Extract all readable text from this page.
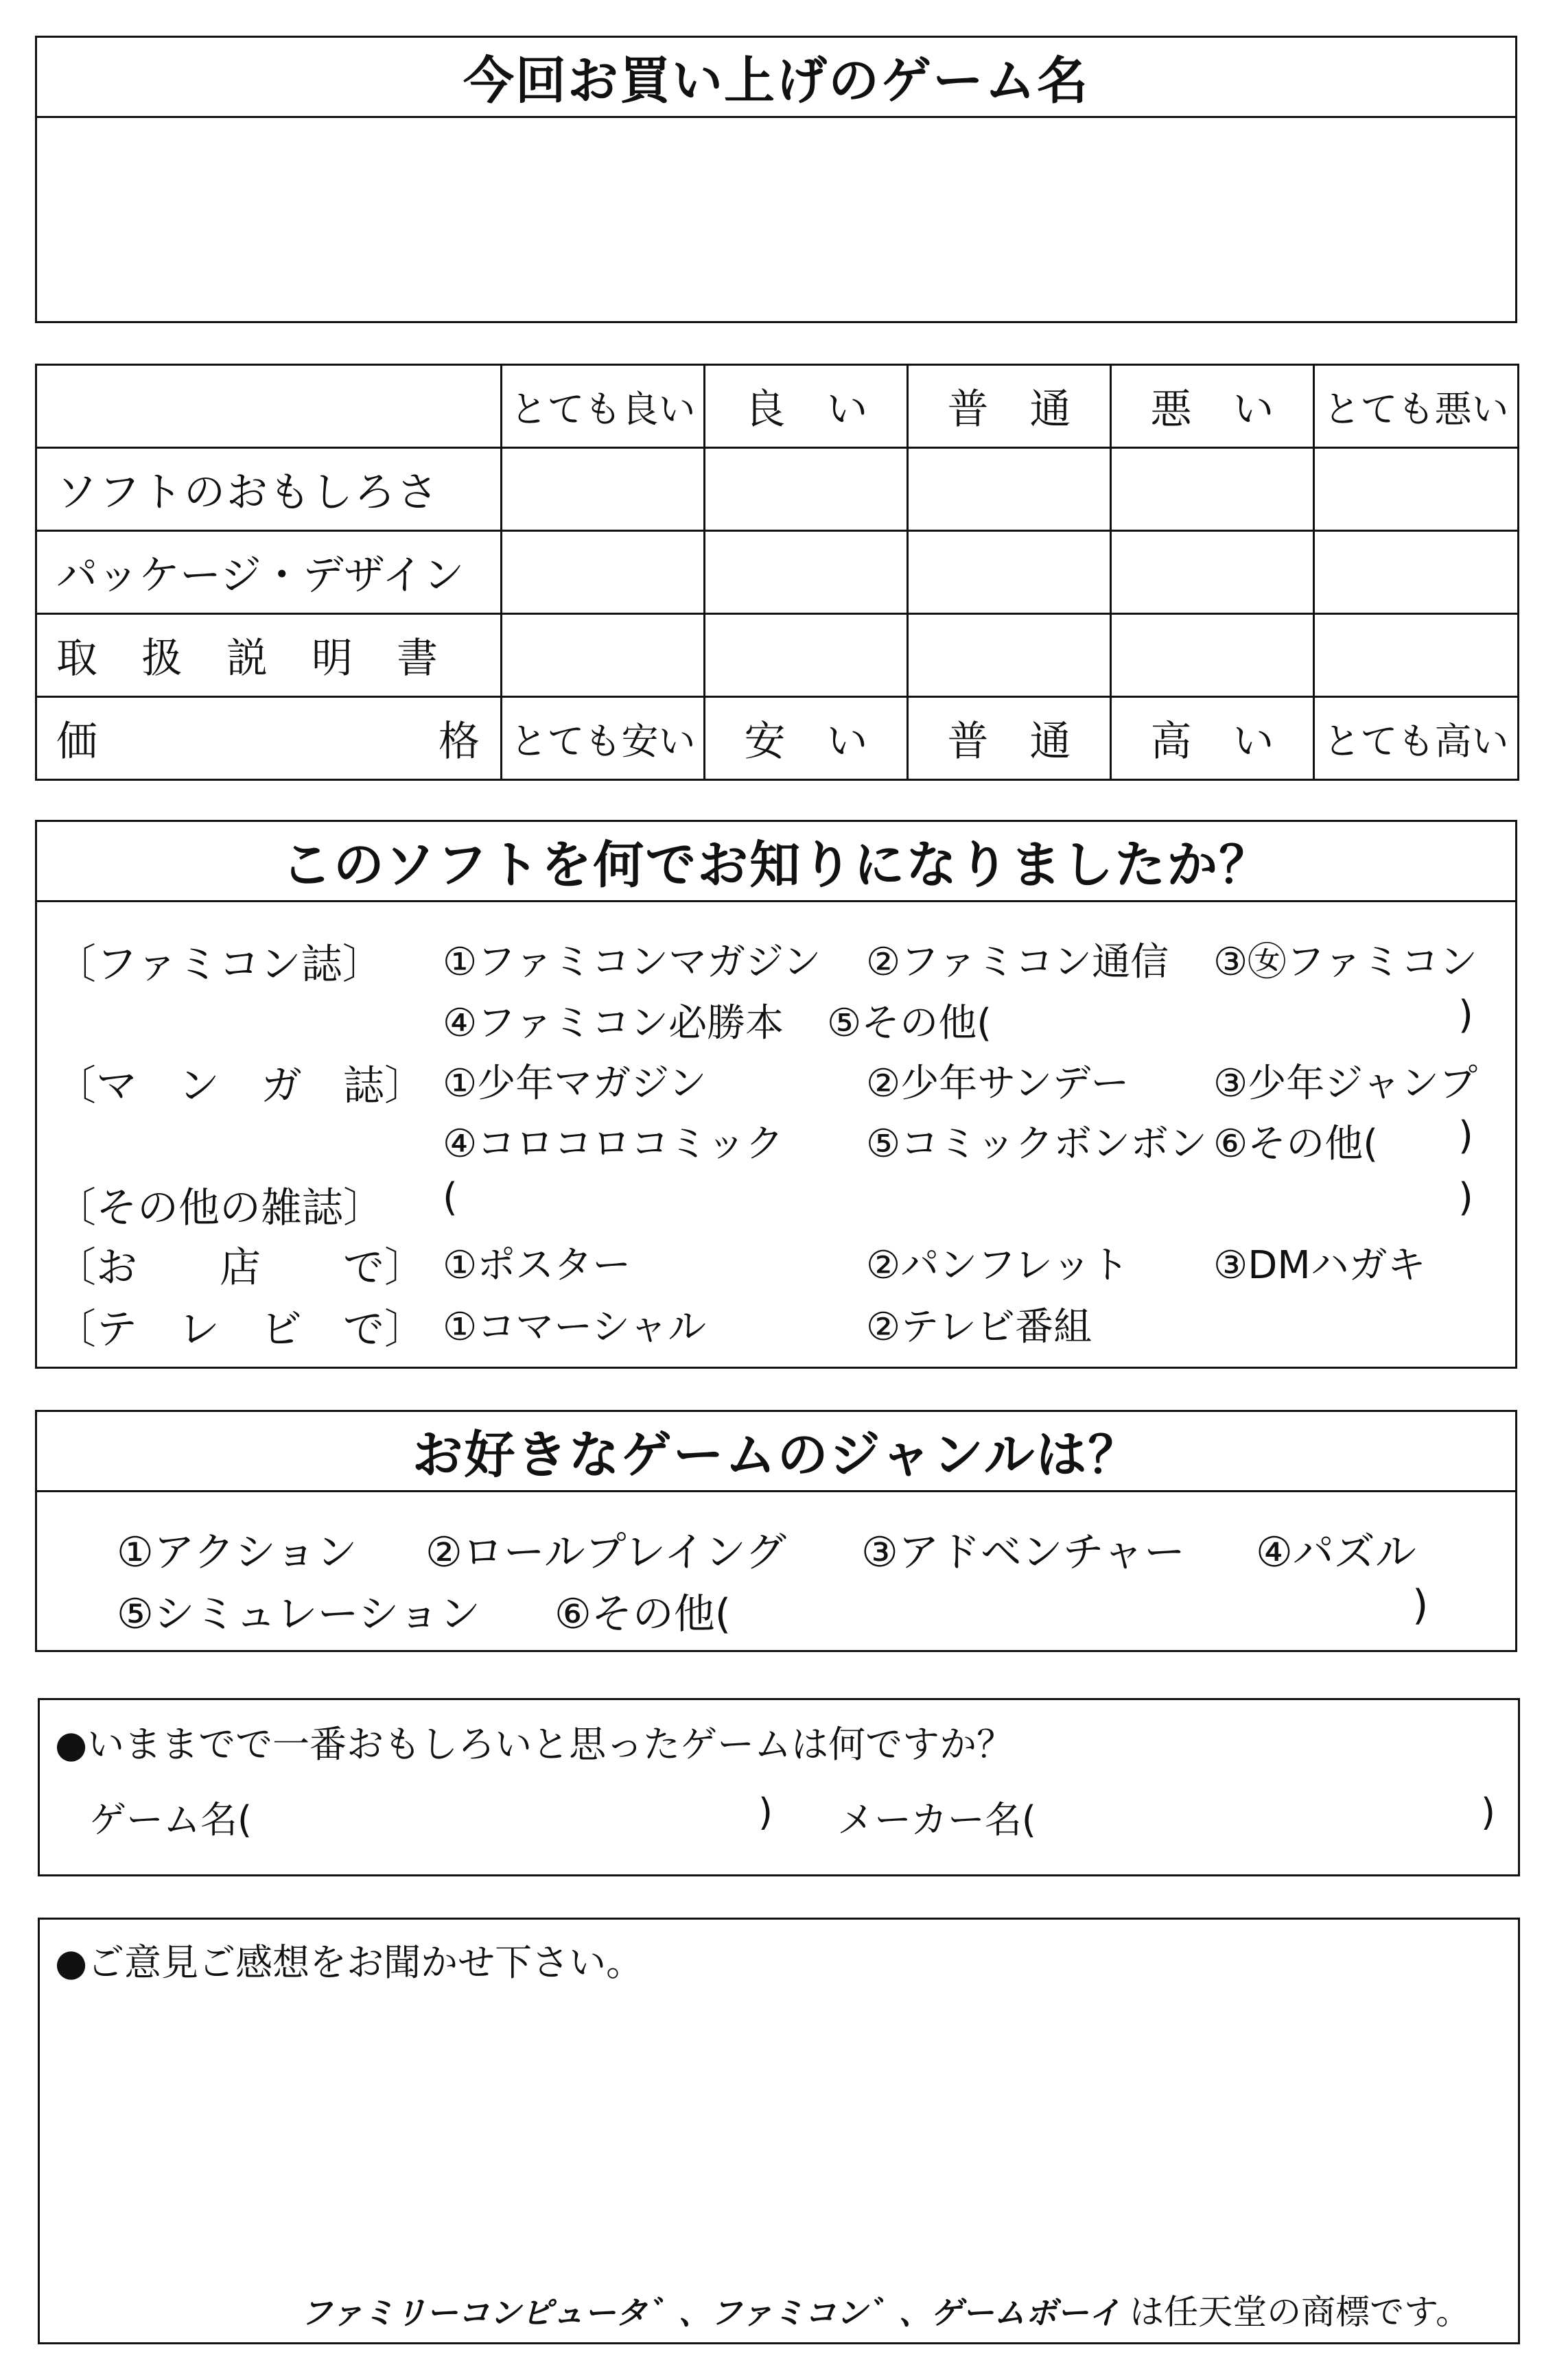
今回お買い上げのゲーム名
	とても良い	良　い	普　通	悪　い	とても悪い
ソフトのおもしろさ					
パッケージ・デザイン					
取　扱　説　明　書					

価 格	とても安い	安　い	普　通	高　い	とても高い
このソフトを何でお知りになりましたか？
〔ファミコン誌〕 ①ファミコンマガジン ②ファミコン通信 ③㊛ファミコン
④ファミコン必勝本 ⑤その他(	)
〔マ　ン　ガ　誌〕 ①少年マガジン	②少年サンデー ③少年ジャンプ
④コロコロコミック ⑤コミックボンボン ⑥その他( )
〔その他の雑誌〕 (	)
〔お　　店　　で〕 ①ポスター	②パンフレット ③DMハガキ
〔テ　レ　ビ　で〕 ①コマーシャル	②テレビ番組
お好きなゲームのジャンルは？
①アクション ②ロールプレイング ③アドベンチャー ④パズル
⑤シミュレーション ⑥その他(	)
●いままでで一番おもしろいと思ったゲームは何ですか？
ゲーム名(	) メーカー名(	)
●ご意見ご感想をお聞かせ下さい。
ファミリーコンピュータ゛、ファミコン゛、ゲームボーイ は任天堂の商標です。
